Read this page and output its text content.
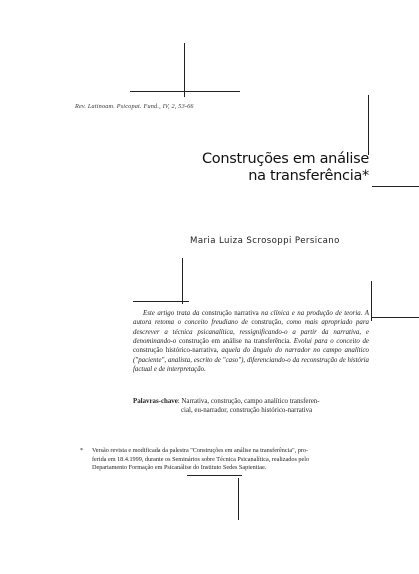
Rev. Latinoam. Psicopat. Fund., IV, 2, 53-66
Construções em análise
na transferência*
Maria Luiza Scrosoppi Persicano

Este artigo trata da construção narrativa na clínica e na produção de teoria. A autora retoma o conceito freudiano de construção, como mais apropriado para descrever a técnica psicanalítica, ressignificando-o a partir da narrativa, e denominando-o construção em análise na transferência. Evolui para o conceito de construção histórico-narrativa, aquela do ângulo do narrador no campo analítico ("paciente", analista, escrito de "caso"), diferenciando-o da reconstrução de história factual e de interpretação.

Palavras-chave: Narrativa, construção, campo analítico transferen-
cial, eu-narrador, construção histórico-narrativa
* Versão revista e modificada da palestra "Construções em análise na transferência", pro-
ferida em 18.4.1999, durante os Seminários sobre Técnica Psicanalítica, realizados pelo
Departamento Formação em Psicanálise do Instituto Sedes Sapientiae.
